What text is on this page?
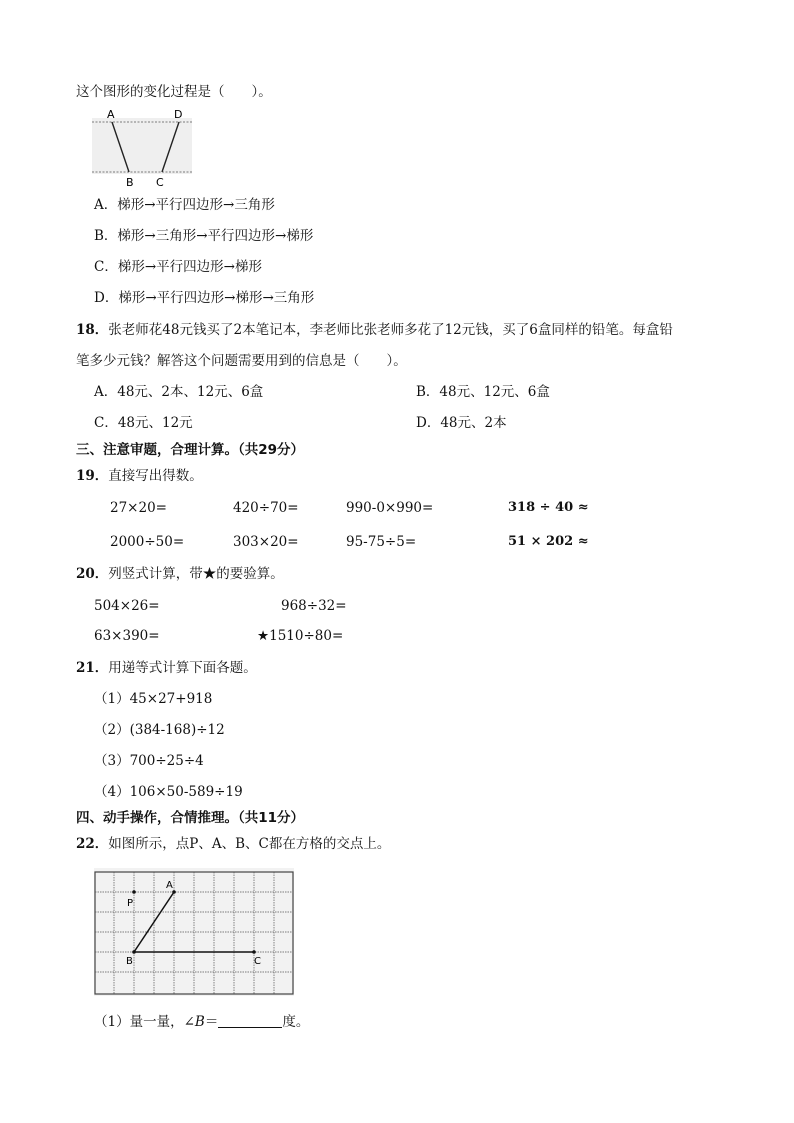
这个图形的变化过程是（　　）。
A	D
B C
A．梯形→平行四边形→三角形
B．梯形→三角形→平行四边形→梯形
C．梯形→平行四边形→梯形
D．梯形→平行四边形→梯形→三角形
18．张老师花48元钱买了2本笔记本，李老师比张老师多花了12元钱，买了6盒同样的铅笔。每盒铅
笔多少元钱？解答这个问题需要用到的信息是（　　）。
A．48元、2本、12元、6盒	B．48元、12元、6盒
C．48元、12元	D．48元、2本
三、注意审题，合理计算。（共29分）
19．直接写出得数。
27×20=	420÷70=	990-0×990=	318 ÷ 40 ≈
2000÷50=	303×20=	95-75÷5=	51 × 202 ≈
20．列竖式计算，带★的要验算。
504×26=	968÷32=
63×390=	★1510÷80=
21．用递等式计算下面各题。
（1）45×27+918
（2）(384-168)÷12
（3）700÷25÷4
（4）106×50-589÷19
四、动手操作，合情推理。（共11分）
22．如图所示，点P、A、B、C都在方格的交点上。
P
A
B	C
（1）量一量，∠B＝	度。
